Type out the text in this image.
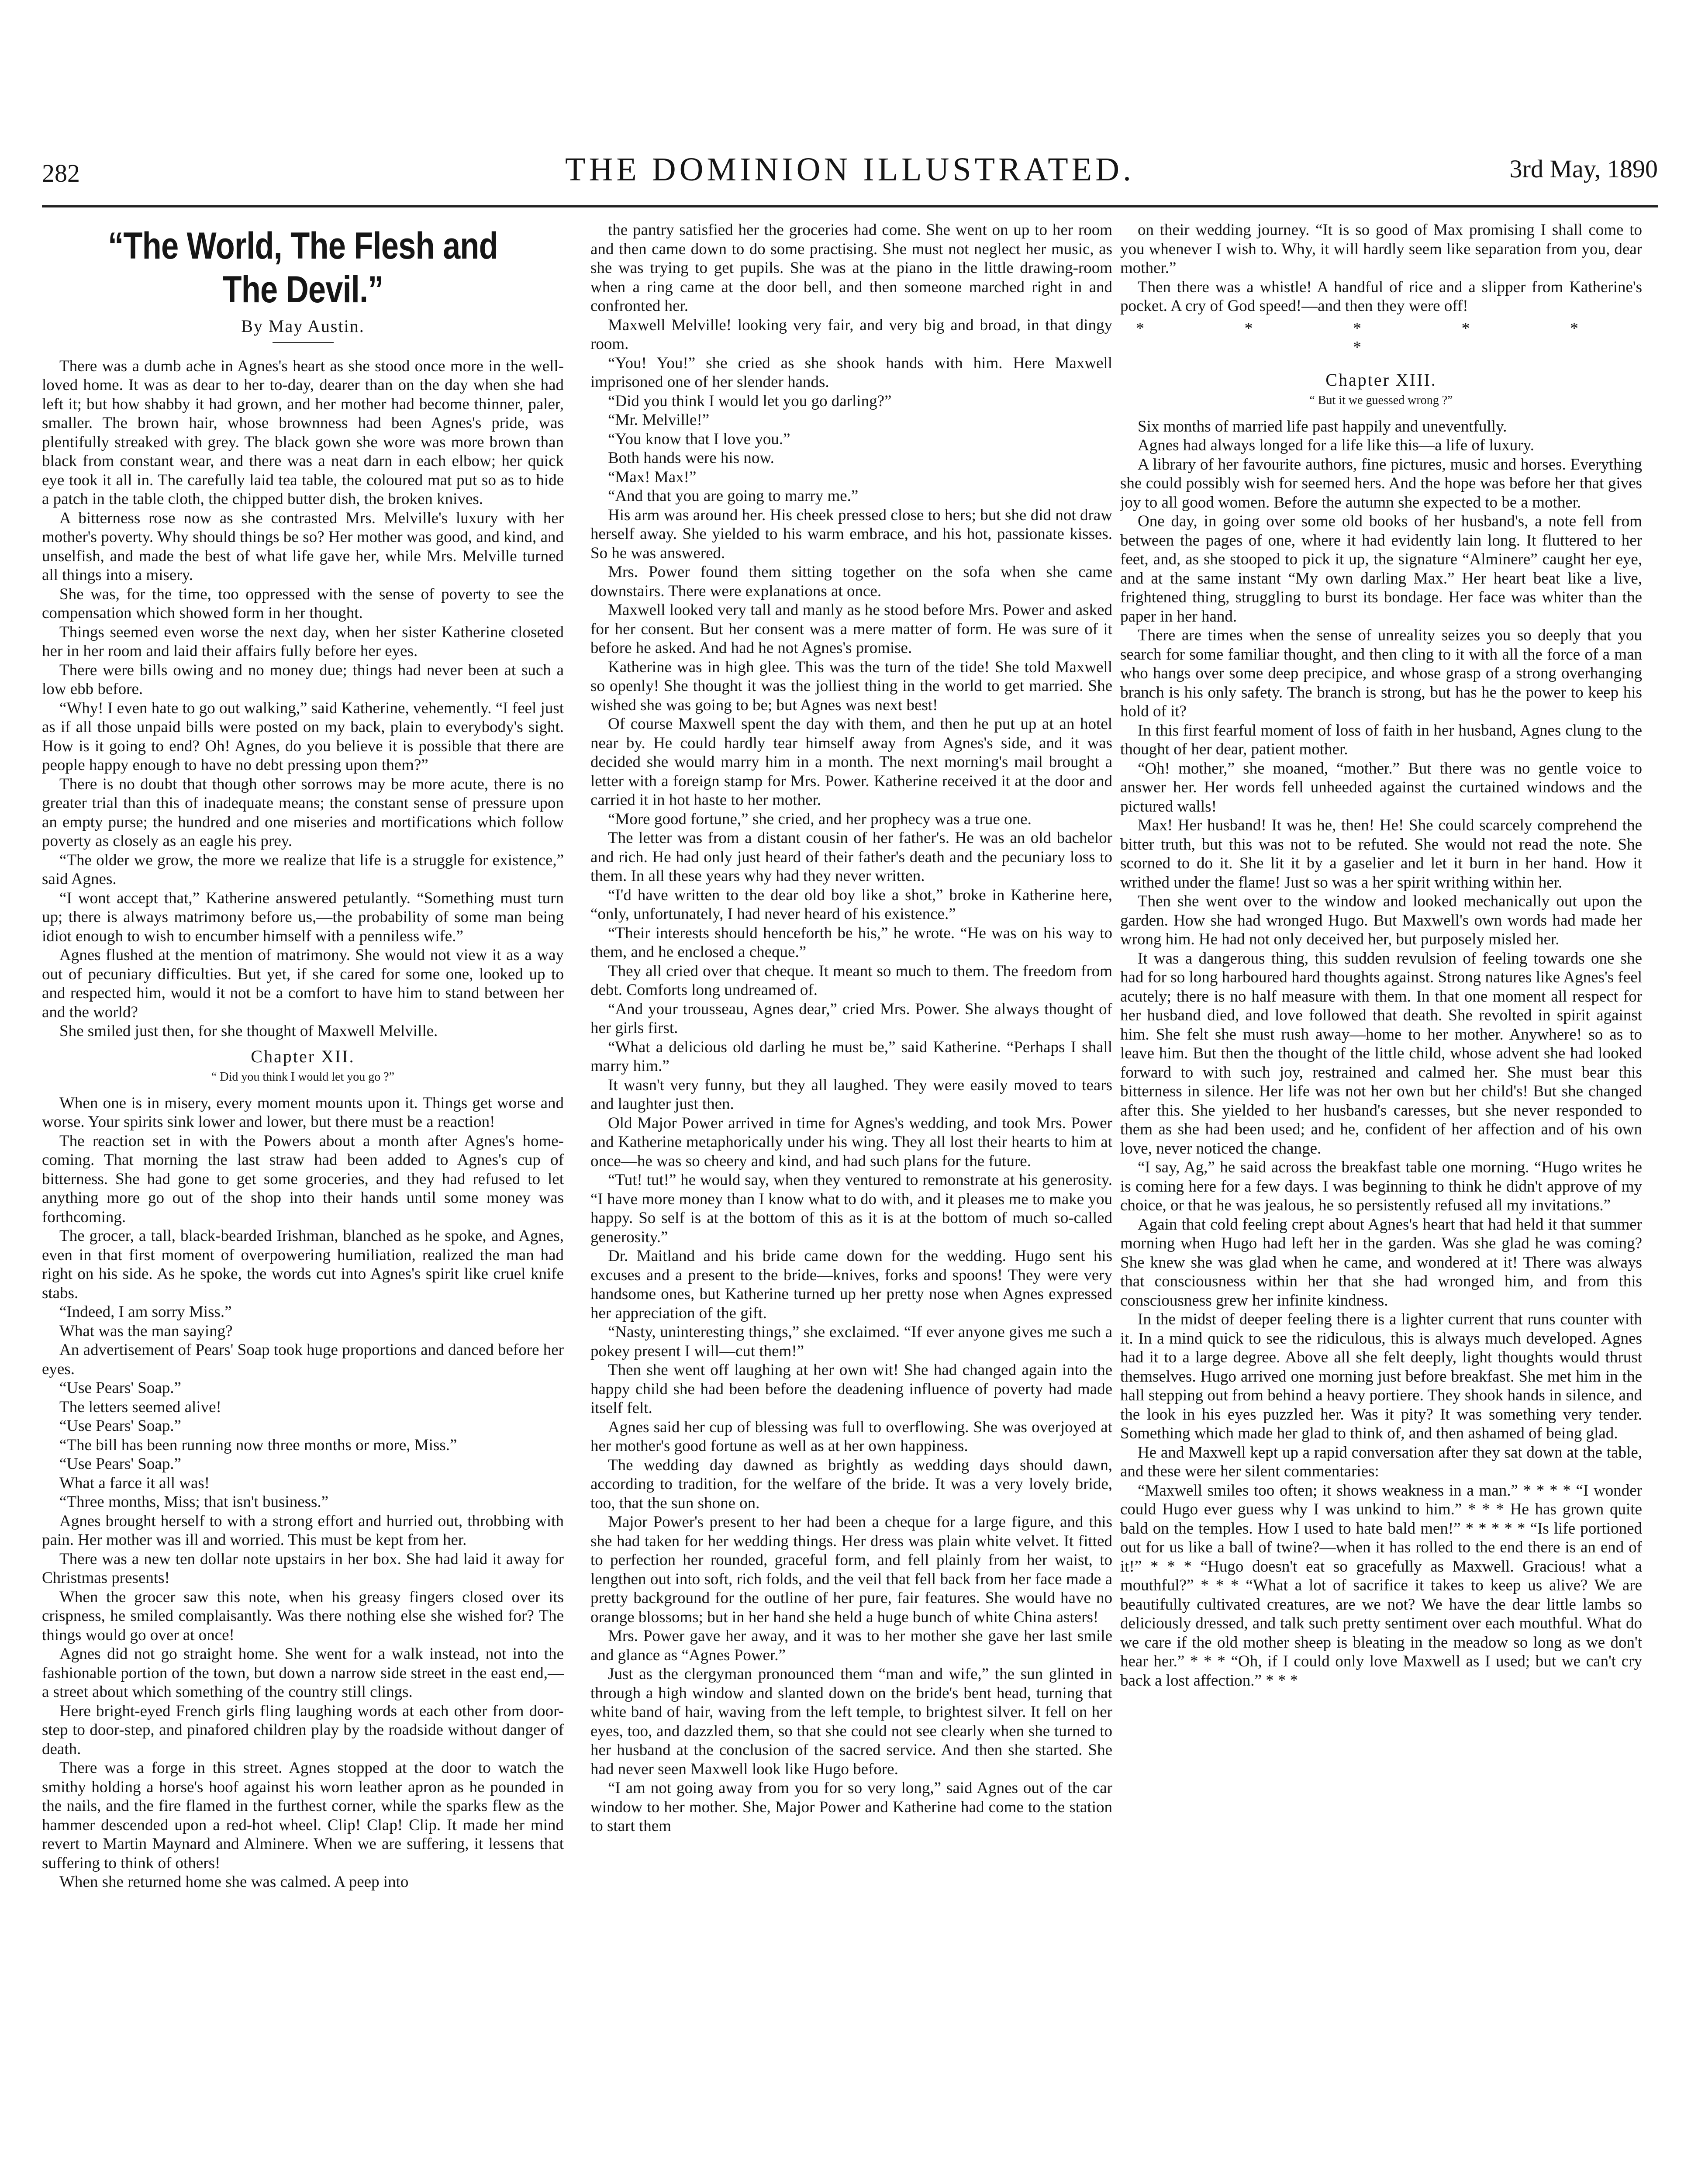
282	THE DOMINION ILLUSTRATED.	3rd May, 1890
“The World, The Flesh and The Devil.”
By May Austin.

There was a dumb ache in Agnes's heart as she stood once more in the well-loved home. It was as dear to her to-day, dearer than on the day when she had left it; but how shabby it had grown, and her mother had become thinner, paler, smaller. The brown hair, whose brownness had been Agnes's pride, was plentifully streaked with grey. The black gown she wore was more brown than black from constant wear, and there was a neat darn in each elbow; her quick eye took it all in. The carefully laid tea table, the coloured mat put so as to hide a patch in the table cloth, the chipped butter dish, the broken knives.

A bitterness rose now as she contrasted Mrs. Melville's luxury with her mother's poverty. Why should things be so? Her mother was good, and kind, and unselfish, and made the best of what life gave her, while Mrs. Melville turned all things into a misery.

She was, for the time, too oppressed with the sense of poverty to see the compensation which showed form in her thought.

Things seemed even worse the next day, when her sister Katherine closeted her in her room and laid their affairs fully before her eyes.

There were bills owing and no money due; things had never been at such a low ebb before.

“Why! I even hate to go out walking,” said Katherine, vehemently. “I feel just as if all those unpaid bills were posted on my back, plain to everybody's sight. How is it going to end? Oh! Agnes, do you believe it is possible that there are people happy enough to have no debt pressing upon them?”

There is no doubt that though other sorrows may be more acute, there is no greater trial than this of inadequate means; the constant sense of pressure upon an empty purse; the hundred and one miseries and mortifications which follow poverty as closely as an eagle his prey.

“The older we grow, the more we realize that life is a struggle for existence,” said Agnes.

“I wont accept that,” Katherine answered petulantly. “Something must turn up; there is always matrimony before us,—the probability of some man being idiot enough to wish to encumber himself with a penniless wife.”

Agnes flushed at the mention of matrimony. She would not view it as a way out of pecuniary difficulties. But yet, if she cared for some one, looked up to and respected him, would it not be a comfort to have him to stand between her and the world?

She smiled just then, for she thought of Maxwell Melville.

Chapter XII.
“ Did you think I would let you go ?”

When one is in misery, every moment mounts upon it. Things get worse and worse. Your spirits sink lower and lower, but there must be a reaction!

The reaction set in with the Powers about a month after Agnes's home-coming. That morning the last straw had been added to Agnes's cup of bitterness. She had gone to get some groceries, and they had refused to let anything more go out of the shop into their hands until some money was forthcoming.

The grocer, a tall, black-bearded Irishman, blanched as he spoke, and Agnes, even in that first moment of overpowering humiliation, realized the man had right on his side. As he spoke, the words cut into Agnes's spirit like cruel knife stabs.

“Indeed, I am sorry Miss.”

What was the man saying?

An advertisement of Pears' Soap took huge proportions and danced before her eyes.

“Use Pears' Soap.”

The letters seemed alive!

“Use Pears' Soap.”

“The bill has been running now three months or more, Miss.”

“Use Pears' Soap.”

What a farce it all was!

“Three months, Miss; that isn't business.”

Agnes brought herself to with a strong effort and hurried out, throbbing with pain. Her mother was ill and worried. This must be kept from her.

There was a new ten dollar note upstairs in her box. She had laid it away for Christmas presents!

When the grocer saw this note, when his greasy fingers closed over its crispness, he smiled complaisantly. Was there nothing else she wished for? The things would go over at once!

Agnes did not go straight home. She went for a walk instead, not into the fashionable portion of the town, but down a narrow side street in the east end,—a street about which something of the country still clings.

Here bright-eyed French girls fling laughing words at each other from door-step to door-step, and pinafored children play by the roadside without danger of death.

There was a forge in this street. Agnes stopped at the door to watch the smithy holding a horse's hoof against his worn leather apron as he pounded in the nails, and the fire flamed in the furthest corner, while the sparks flew as the hammer descended upon a red-hot wheel. Clip! Clap! Clip. It made her mind revert to Martin Maynard and Alminere. When we are suffering, it lessens that suffering to think of others!

When she returned home she was calmed. A peep into

the pantry satisfied her the groceries had come. She went on up to her room and then came down to do some practising. She must not neglect her music, as she was trying to get pupils. She was at the piano in the little drawing-room when a ring came at the door bell, and then someone marched right in and confronted her.

Maxwell Melville! looking very fair, and very big and broad, in that dingy room.

“You! You!” she cried as she shook hands with him. Here Maxwell imprisoned one of her slender hands.

“Did you think I would let you go darling?”

“Mr. Melville!”

“You know that I love you.”

Both hands were his now.

“Max! Max!”

“And that you are going to marry me.”

His arm was around her. His cheek pressed close to hers; but she did not draw herself away. She yielded to his warm embrace, and his hot, passionate kisses. So he was answered.

Mrs. Power found them sitting together on the sofa when she came downstairs. There were explanations at once.

Maxwell looked very tall and manly as he stood before Mrs. Power and asked for her consent. But her consent was a mere matter of form. He was sure of it before he asked. And had he not Agnes's promise.

Katherine was in high glee. This was the turn of the tide! She told Maxwell so openly! She thought it was the jolliest thing in the world to get married. She wished she was going to be; but Agnes was next best!

Of course Maxwell spent the day with them, and then he put up at an hotel near by. He could hardly tear himself away from Agnes's side, and it was decided she would marry him in a month. The next morning's mail brought a letter with a foreign stamp for Mrs. Power. Katherine received it at the door and carried it in hot haste to her mother.

“More good fortune,” she cried, and her prophecy was a true one.

The letter was from a distant cousin of her father's. He was an old bachelor and rich. He had only just heard of their father's death and the pecuniary loss to them. In all these years why had they never written.

“I'd have written to the dear old boy like a shot,” broke in Katherine here, “only, unfortunately, I had never heard of his existence.”

“Their interests should henceforth be his,” he wrote. “He was on his way to them, and he enclosed a cheque.”

They all cried over that cheque. It meant so much to them. The freedom from debt. Comforts long undreamed of.

“And your trousseau, Agnes dear,” cried Mrs. Power. She always thought of her girls first.

“What a delicious old darling he must be,” said Katherine. “Perhaps I shall marry him.”

It wasn't very funny, but they all laughed. They were easily moved to tears and laughter just then.

Old Major Power arrived in time for Agnes's wedding, and took Mrs. Power and Katherine metaphorically under his wing. They all lost their hearts to him at once—he was so cheery and kind, and had such plans for the future.

“Tut! tut!” he would say, when they ventured to remonstrate at his generosity. “I have more money than I know what to do with, and it pleases me to make you happy. So self is at the bottom of this as it is at the bottom of much so-called generosity.”

Dr. Maitland and his bride came down for the wedding. Hugo sent his excuses and a present to the bride—knives, forks and spoons! They were very handsome ones, but Katherine turned up her pretty nose when Agnes expressed her appreciation of the gift.

“Nasty, uninteresting things,” she exclaimed. “If ever anyone gives me such a pokey present I will—cut them!”

Then she went off laughing at her own wit! She had changed again into the happy child she had been before the deadening influence of poverty had made itself felt.

Agnes said her cup of blessing was full to overflowing. She was overjoyed at her mother's good fortune as well as at her own happiness.

The wedding day dawned as brightly as wedding days should dawn, according to tradition, for the welfare of the bride. It was a very lovely bride, too, that the sun shone on.

Major Power's present to her had been a cheque for a large figure, and this she had taken for her wedding things. Her dress was plain white velvet. It fitted to perfection her rounded, graceful form, and fell plainly from her waist, to lengthen out into soft, rich folds, and the veil that fell back from her face made a pretty background for the outline of her pure, fair features. She would have no orange blossoms; but in her hand she held a huge bunch of white China asters!

Mrs. Power gave her away, and it was to her mother she gave her last smile and glance as “Agnes Power.”

Just as the clergyman pronounced them “man and wife,” the sun glinted in through a high window and slanted down on the bride's bent head, turning that white band of hair, waving from the left temple, to brightest silver. It fell on her eyes, too, and dazzled them, so that she could not see clearly when she turned to her husband at the conclusion of the sacred service. And then she started. She had never seen Maxwell look like Hugo before.

“I am not going away from you for so very long,” said Agnes out of the car window to her mother. She, Major Power and Katherine had come to the station to start them

on their wedding journey. “It is so good of Max promising I shall come to you whenever I wish to. Why, it will hardly seem like separation from you, dear mother.”

Then there was a whistle! A handful of rice and a slipper from Katherine's pocket. A cry of God speed!—and then they were off!

* * * * * *
Chapter XIII.
“ But it we guessed wrong ?”

Six months of married life past happily and uneventfully.

Agnes had always longed for a life like this—a life of luxury.

A library of her favourite authors, fine pictures, music and horses. Everything she could possibly wish for seemed hers. And the hope was before her that gives joy to all good women. Before the autumn she expected to be a mother.

One day, in going over some old books of her husband's, a note fell from between the pages of one, where it had evidently lain long. It fluttered to her feet, and, as she stooped to pick it up, the signature “Alminere” caught her eye, and at the same instant “My own darling Max.” Her heart beat like a live, frightened thing, struggling to burst its bondage. Her face was whiter than the paper in her hand.

There are times when the sense of unreality seizes you so deeply that you search for some familiar thought, and then cling to it with all the force of a man who hangs over some deep precipice, and whose grasp of a strong overhanging branch is his only safety. The branch is strong, but has he the power to keep his hold of it?

In this first fearful moment of loss of faith in her husband, Agnes clung to the thought of her dear, patient mother.

“Oh! mother,” she moaned, “mother.” But there was no gentle voice to answer her. Her words fell unheeded against the curtained windows and the pictured walls!

Max! Her husband! It was he, then! He! She could scarcely comprehend the bitter truth, but this was not to be refuted. She would not read the note. She scorned to do it. She lit it by a gaselier and let it burn in her hand. How it writhed under the flame! Just so was a her spirit writhing within her.

Then she went over to the window and looked mechanically out upon the garden. How she had wronged Hugo. But Maxwell's own words had made her wrong him. He had not only deceived her, but purposely misled her.

It was a dangerous thing, this sudden revulsion of feeling towards one she had for so long harboured hard thoughts against. Strong natures like Agnes's feel acutely; there is no half measure with them. In that one moment all respect for her husband died, and love followed that death. She revolted in spirit against him. She felt she must rush away—home to her mother. Anywhere! so as to leave him. But then the thought of the little child, whose advent she had looked forward to with such joy, restrained and calmed her. She must bear this bitterness in silence. Her life was not her own but her child's! But she changed after this. She yielded to her husband's caresses, but she never responded to them as she had been used; and he, confident of her affection and of his own love, never noticed the change.

“I say, Ag,” he said across the breakfast table one morning. “Hugo writes he is coming here for a few days. I was beginning to think he didn't approve of my choice, or that he was jealous, he so persistently refused all my invitations.”

Again that cold feeling crept about Agnes's heart that had held it that summer morning when Hugo had left her in the garden. Was she glad he was coming? She knew she was glad when he came, and wondered at it! There was always that consciousness within her that she had wronged him, and from this consciousness grew her infinite kindness.

In the midst of deeper feeling there is a lighter current that runs counter with it. In a mind quick to see the ridiculous, this is always much developed. Agnes had it to a large degree. Above all she felt deeply, light thoughts would thrust themselves. Hugo arrived one morning just before breakfast. She met him in the hall stepping out from behind a heavy portiere. They shook hands in silence, and the look in his eyes puzzled her. Was it pity? It was something very tender. Something which made her glad to think of, and then ashamed of being glad.

He and Maxwell kept up a rapid conversation after they sat down at the table, and these were her silent commentaries:

“Maxwell smiles too often; it shows weakness in a man.” * * * * “I wonder could Hugo ever guess why I was unkind to him.” * * * He has grown quite bald on the temples. How I used to hate bald men!” * * * * * “Is life portioned out for us like a ball of twine?—when it has rolled to the end there is an end of it!” * * * “Hugo doesn't eat so gracefully as Maxwell. Gracious! what a mouthful?” * * * “What a lot of sacrifice it takes to keep us alive? We are beautifully cultivated creatures, are we not? We have the dear little lambs so deliciously dressed, and talk such pretty sentiment over each mouthful. What do we care if the old mother sheep is bleating in the meadow so long as we don't hear her.” * * * “Oh, if I could only love Maxwell as I used; but we can't cry back a lost affection.” * * *
